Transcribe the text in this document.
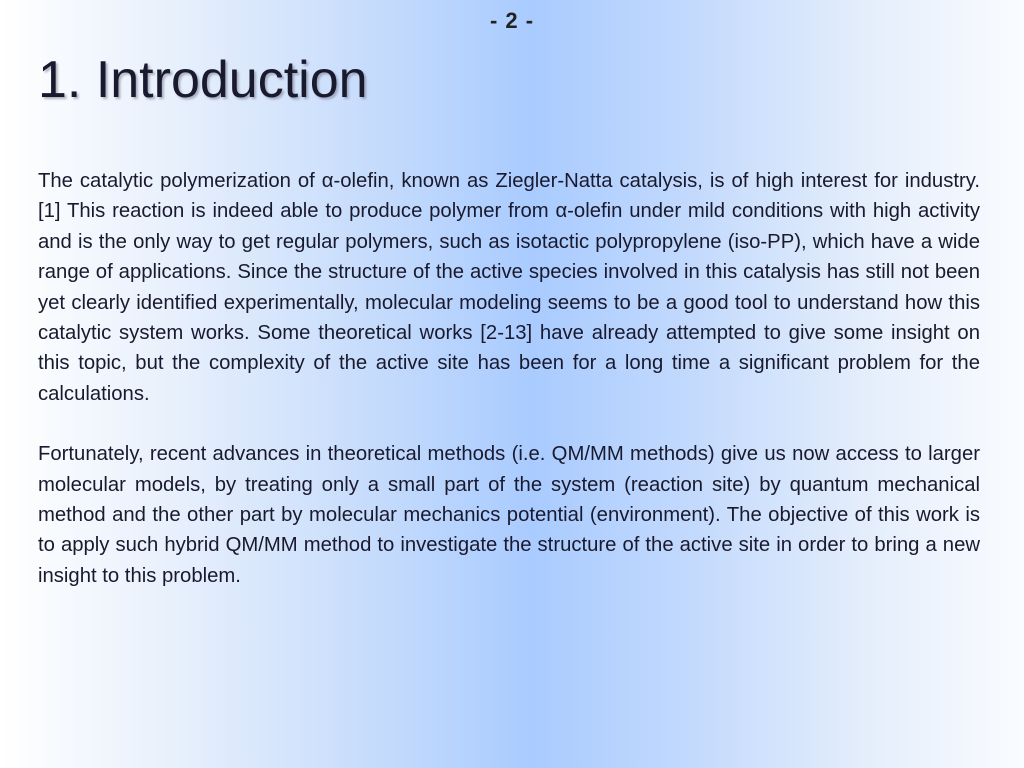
- 2 -
1. Introduction

The catalytic polymerization of α-olefin, known as Ziegler-Natta catalysis, is of high interest for industry.[1] This reaction is indeed able to produce polymer from α-olefin under mild conditions with high activity and is the only way to get regular polymers, such as isotactic polypropylene (iso-PP), which have a wide range of applications. Since the structure of the active species involved in this catalysis has still not been yet clearly identified experimentally, molecular modeling seems to be a good tool to understand how this catalytic system works. Some theoretical works [2-13] have already attempted to give some insight on this topic, but the complexity of the active site has been for a long time a significant problem for the calculations.

Fortunately, recent advances in theoretical methods (i.e. QM/MM methods) give us now access to larger molecular models, by treating only a small part of the system (reaction site) by quantum mechanical method and the other part by molecular mechanics potential (environment). The objective of this work is to apply such hybrid QM/MM method to investigate the structure of the active site in order to bring a new insight to this problem.
